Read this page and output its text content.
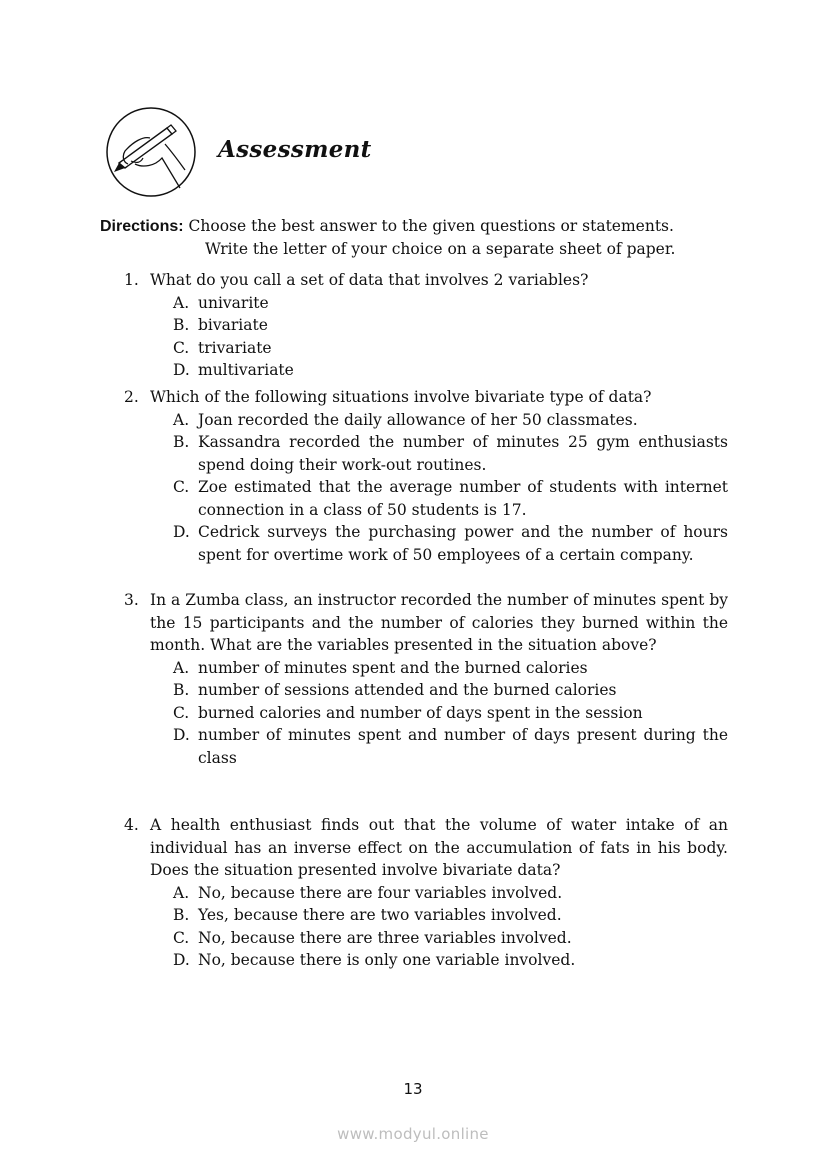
Assessment
Directions:
Choose the best answer to the given questions or statements.
Write the letter of your choice on a separate sheet of paper.
1. What do you call a set of data that involves 2 variables?
A. univarite
B. bivariate
C. trivariate
D. multivariate
2. Which of the following situations involve bivariate type of data?
A. Joan recorded the daily allowance of her 50 classmates.
B. Kassandra recorded the number of minutes 25 gym enthusiasts spend doing their work-out routines.
C. Zoe estimated that the average number of students with internet connection in a class of 50 students is 17.
D. Cedrick surveys the purchasing power and the number of hours spent for overtime work of 50 employees of a certain company.
3. In a Zumba class, an instructor recorded the number of minutes spent by the 15 participants and the number of calories they burned within the month. What are the variables presented in the situation above?
A. number of minutes spent and the burned calories
B. number of sessions attended and the burned calories
C. burned calories and number of days spent in the session
D. number of minutes spent and number of days present during the class
4. A health enthusiast finds out that the volume of water intake of an individual has an inverse effect on the accumulation of fats in his body. Does the situation presented involve bivariate data?
A. No, because there are four variables involved.
B. Yes, because there are two variables involved.
C. No, because there are three variables involved.
D. No, because there is only one variable involved.
13
www.modyul.online
